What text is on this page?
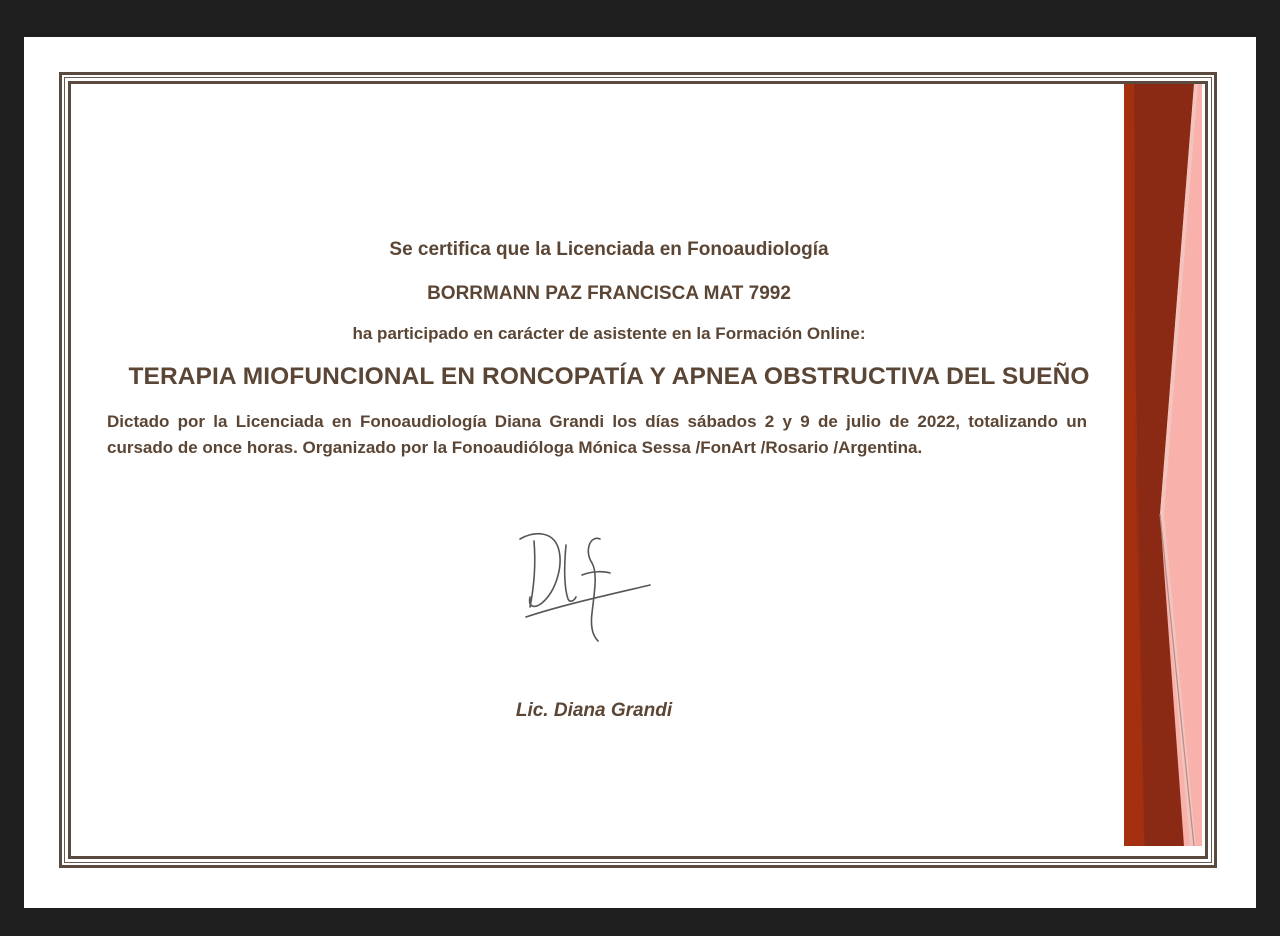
Se certifica que la Licenciada en Fonoaudiología
BORRMANN PAZ FRANCISCA MAT 7992
ha participado en carácter de asistente en la Formación Online:
TERAPIA MIOFUNCIONAL EN RONCOPATÍA Y APNEA OBSTRUCTIVA DEL SUEÑO
Dictado por la Licenciada en Fonoaudiología Diana Grandi los días sábados 2 y 9 de julio de 2022, totalizando un cursado de once horas. Organizado por la Fonoaudióloga Mónica Sessa /FonArt /Rosario /Argentina.
Lic. Diana Grandi
